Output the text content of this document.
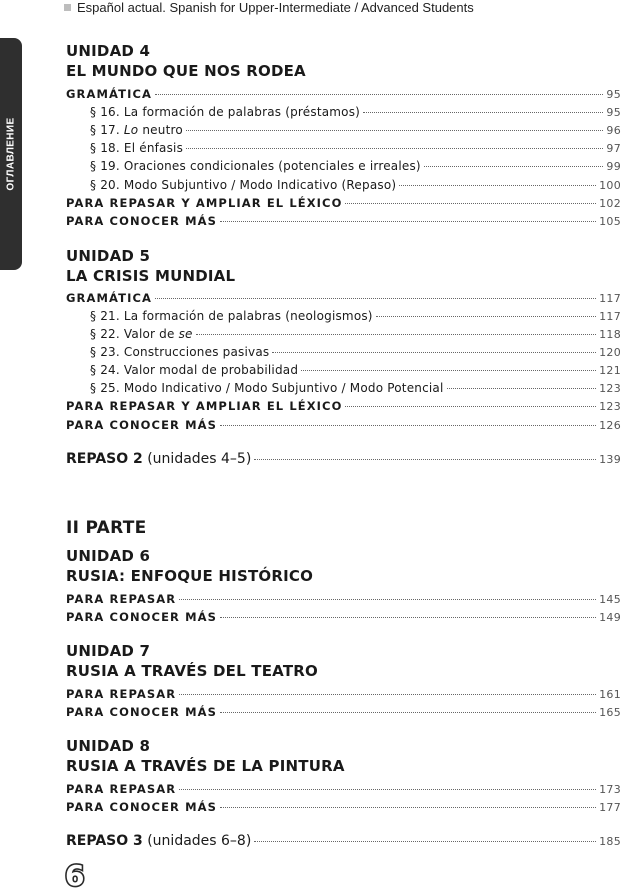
Español actual. Spanish for Upper-Intermediate / Advanced Students
ОГЛАВЛЕНИЕ
UNIDAD 4
EL MUNDO QUE NOS RODEA
GRAMÁTICA	95
§ 16. La formación de palabras (préstamos)	95
§ 17. Lo neutro	96
§ 18. El énfasis	97
§ 19. Oraciones condicionales (potenciales e irreales)	99
§ 20. Modo Subjuntivo / Modo Indicativo (Repaso)	100
PARA REPASAR Y AMPLIAR EL LÉXICO	102
PARA CONOCER MÁS	105
UNIDAD 5
LA CRISIS MUNDIAL
GRAMÁTICA	117
§ 21. La formación de palabras (neologismos)	117
§ 22. Valor de se	118
§ 23. Construcciones pasivas	120
§ 24. Valor modal de probabilidad	121
§ 25. Modo Indicativo / Modo Subjuntivo / Modo Potencial	123
PARA REPASAR Y AMPLIAR EL LÉXICO	123
PARA CONOCER MÁS	126
REPASO 2 (unidades 4–5)	139
II PARTE
UNIDAD 6
RUSIA: ENFOQUE HISTÓRICO
PARA REPASAR	145
PARA CONOCER MÁS	149
UNIDAD 7
RUSIA A TRAVÉS DEL TEATRO
PARA REPASAR	161
PARA CONOCER MÁS	165
UNIDAD 8
RUSIA A TRAVÉS DE LA PINTURA
PARA REPASAR	173
PARA CONOCER MÁS	177
REPASO 3 (unidades 6–8)	185
6
